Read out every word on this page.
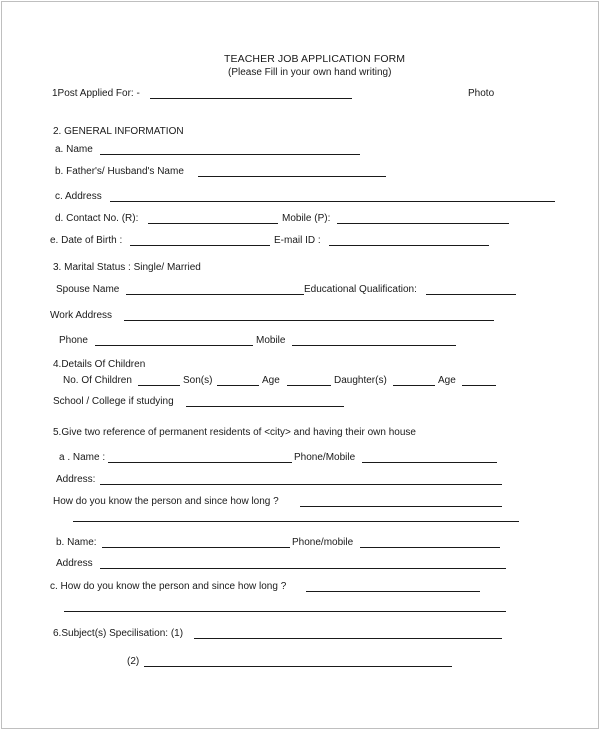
TEACHER JOB APPLICATION FORM
(Please Fill in your own hand writing)
1Post Applied For: -	Photo
2. GENERAL INFORMATION
a. Name
b. Father's/ Husband's Name
c. Address
d. Contact No. (R):	Mobile (P):
e. Date of Birth :	E-mail ID :
3. Marital Status : Single/ Married
Spouse Name	Educational Qualification:
Work Address
Phone	Mobile
4.Details Of Children
No. Of Children	Son(s)	Age	Daughter(s)	Age
School / College if studying
5.Give two reference of permanent residents of <city> and having their own house
a . Name :	Phone/Mobile
Address:
How do you know the person and since how long ?
b. Name:	Phone/mobile
Address
c. How do you know the person and since how long ?
6.Subject(s) Specilisation: (1)
(2)
